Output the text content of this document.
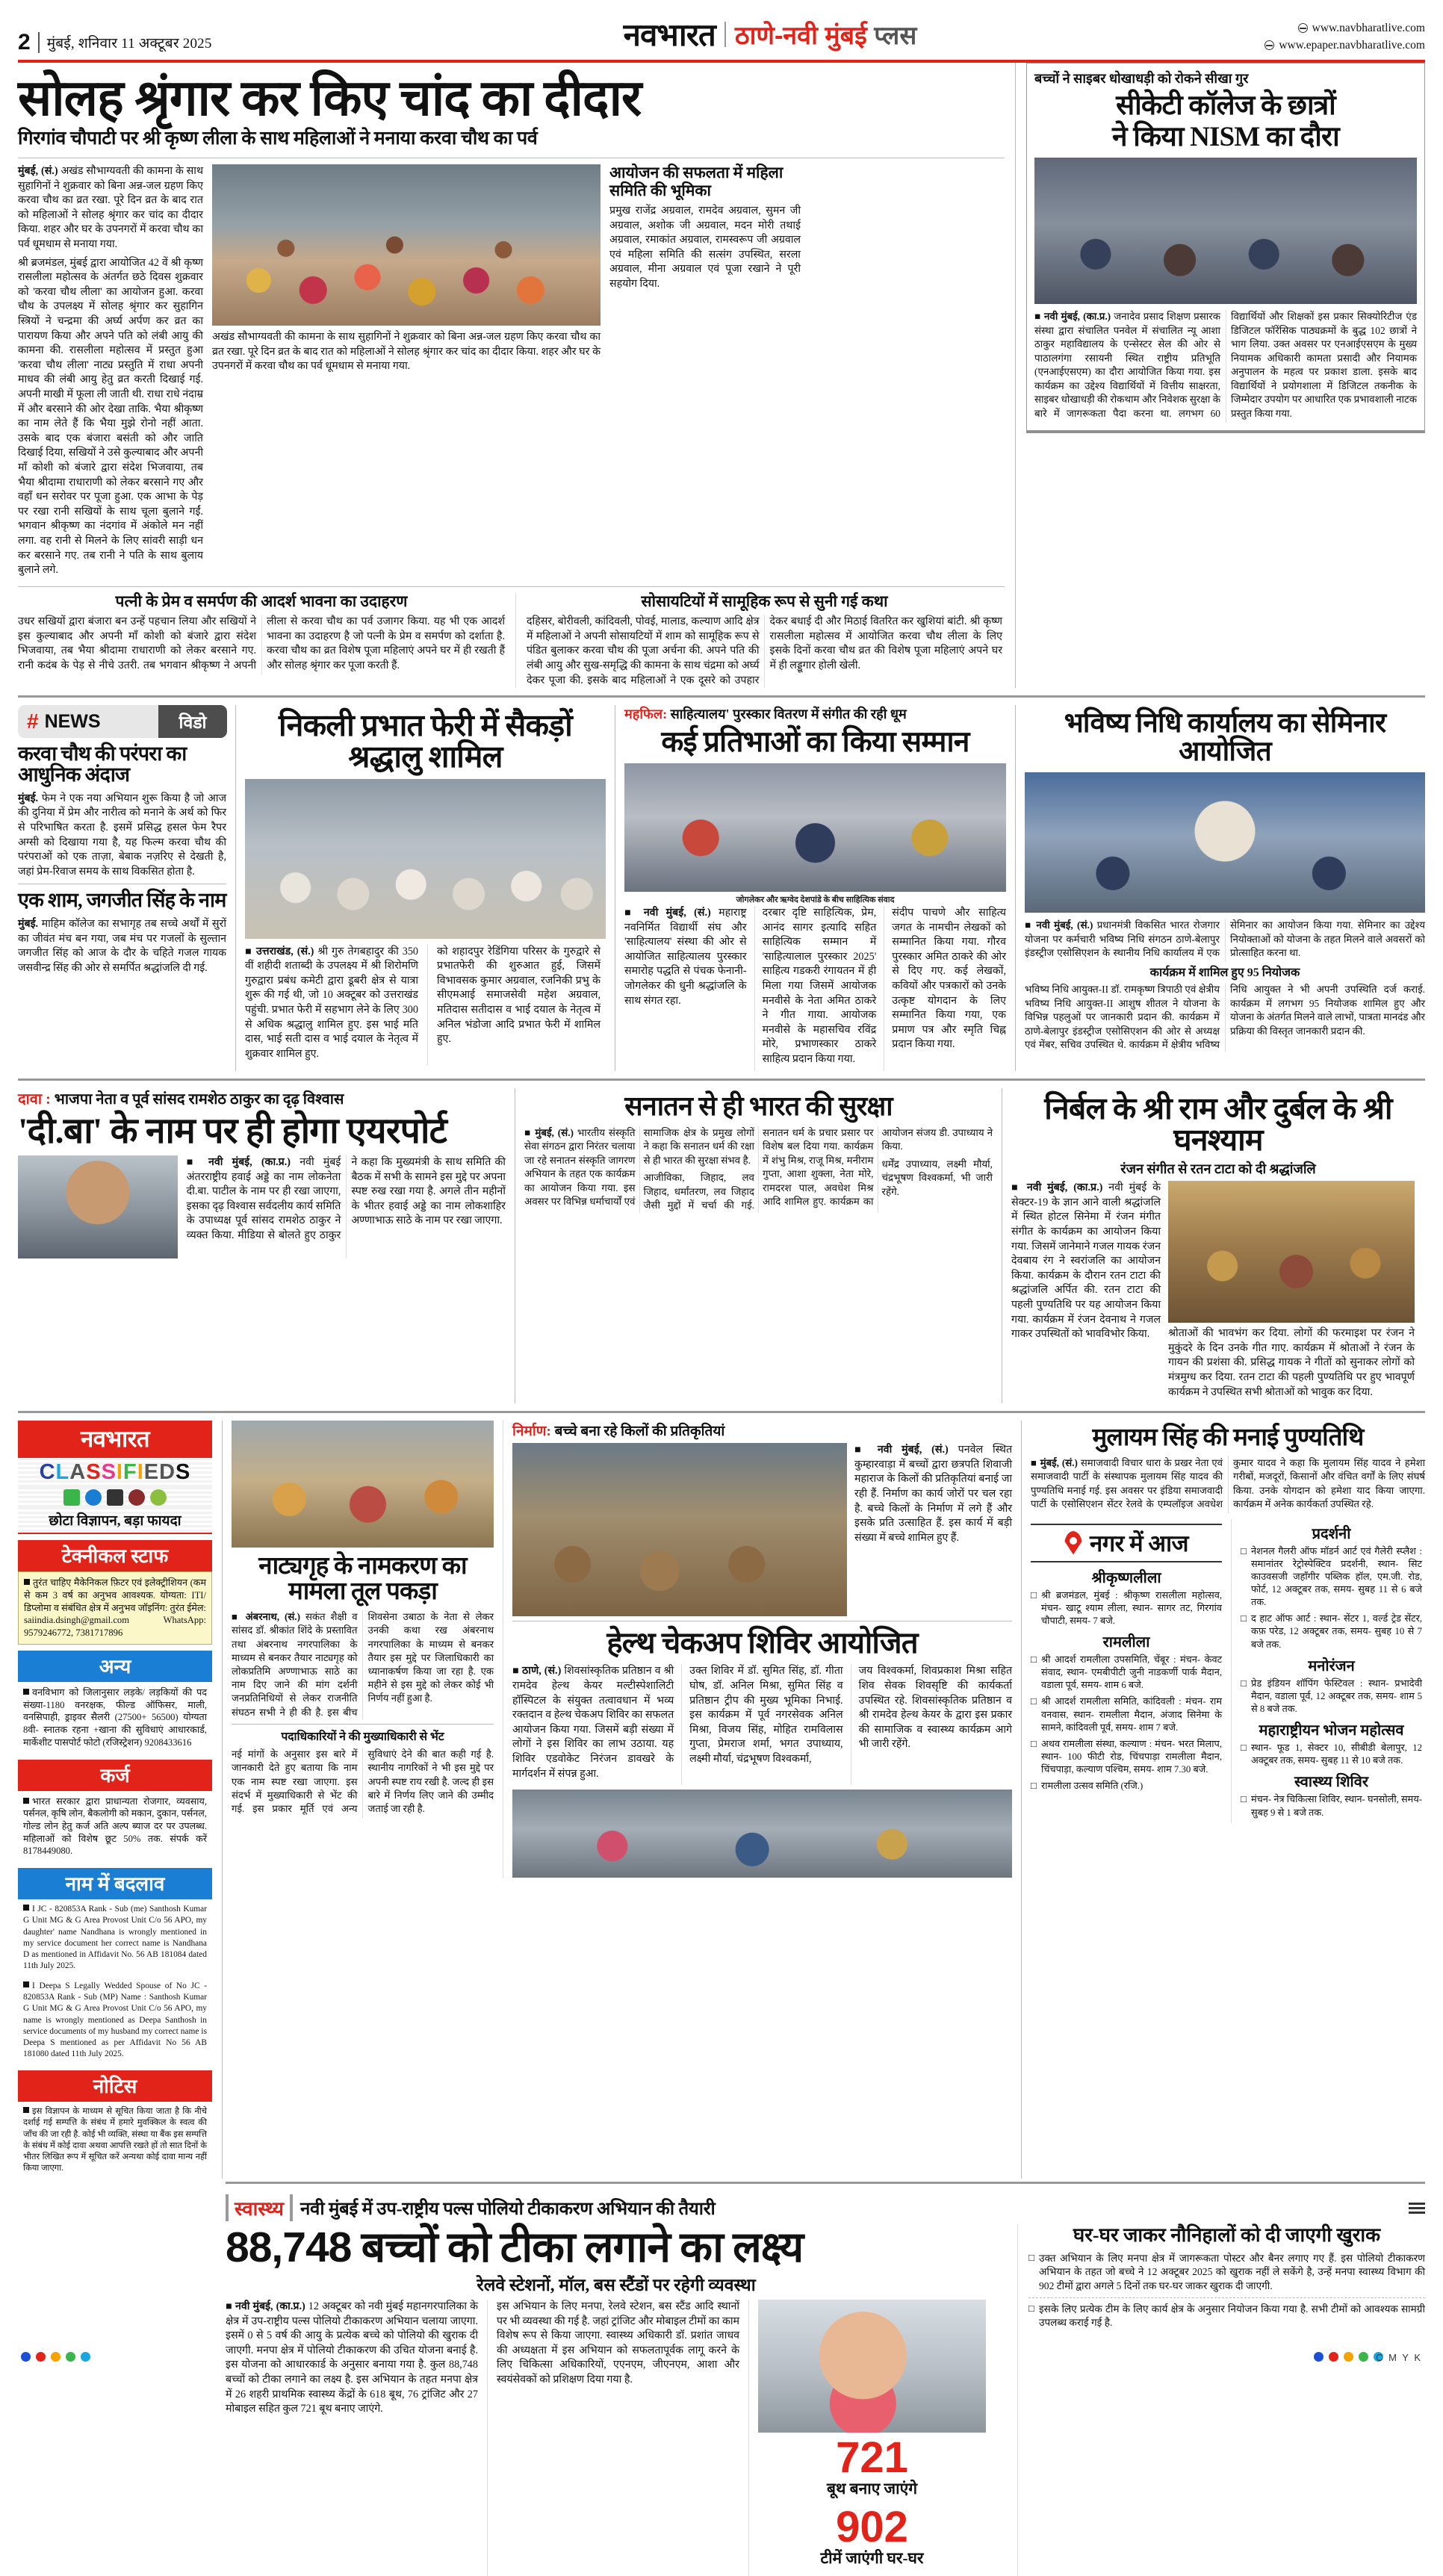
2 मुंबई, शनिवार 11 अक्टूबर 2025	नवभारत ठाणे-नवी मुंबई प्लस	www.navbharatlive.com
www.epaper.navbharatlive.com
सोलह श्रृंगार कर किए चांद का दीदार
गिरगांव चौपाटी पर श्री कृष्ण लीला के साथ महिलाओं ने मनाया करवा चौथ का पर्व

मुंबई, (सं.) अखंड सौभाग्यवती की कामना के साथ सुहागिनों ने शुक्रवार को बिना अन्न-जल ग्रहण किए करवा चौथ का व्रत रखा. पूरे दिन व्रत के बाद रात को महिलाओं ने सोलह श्रृंगार कर चांद का दीदार किया. शहर और घर के उपनगरों में करवा चौथ का पर्व धूमधाम से मनाया गया.

श्री ब्रजमंडल, मुंबई द्वारा आयोजित 42 वें श्री कृष्ण रासलीला महोत्सव के अंतर्गत छठे दिवस शुक्रवार को 'करवा चौथ लीला' का आयोजन हुआ. करवा चौथ के उपलक्ष्य में सोलह श्रृंगार कर सुहागिन स्त्रियों ने चन्द्रमा की अर्घ्य अर्पण कर व्रत का पारायण किया और अपने पति को लंबी आयु की कामना की. रासलीला महोत्सव में प्रस्तुत हुआ 'करवा चौथ लीला' नाट्य प्रस्तुति में राधा अपनी माधव की लंबी आयु हेतु व्रत करती दिखाई गई. अपनी माखी में फूला ली जाती थी. राधा राधे नंदाम्र में और बरसाने की ओर देखा ताकि. भैया श्रीकृष्ण का नाम लेते हैं कि भैया मुझे रोनो नहीं आता. उसके बाद एक बंजारा बसंती को और जाति दिखाई दिया, सखियों ने उसे कुल्याबाद और अपनी माँ कोशी को बंजारे द्वारा संदेश भिजवाया, तब भैया श्रीदामा राधाराणी को लेकर बरसाने गए और वहाँ धन सरोवर पर पूजा हुआ. एक आभा के पेड़ पर रखा रानी सखियों के साथ चूला बुलाने गईं. भगवान श्रीकृष्ण का नंदगांव में अंकोले मन नहीं लगा. वह रानी से मिलने के लिए सांवरी साड़ी धन कर बरसाने गए. तब रानी ने पति के साथ बुलाय बुलाने लगे.

अखंड सौभाग्यवती की कामना के साथ सुहागिनों ने शुक्रवार को बिना अन्न-जल ग्रहण किए करवा चौथ का व्रत रखा. पूरे दिन व्रत के बाद रात को महिलाओं ने सोलह श्रृंगार कर चांद का दीदार किया. शहर और घर के उपनगरों में करवा चौथ का पर्व धूमधाम से मनाया गया.

आयोजन की सफलता में महिला समिति की भूमिका

प्रमुख राजेंद्र अग्रवाल, रामदेव अग्रवाल, सुमन जी अग्रवाल, अशोक जी अग्रवाल, मदन मोरी तथाई अग्रवाल, रमाकांत अग्रवाल, रामस्वरूप जी अग्रवाल एवं महिला समिति की सत्संग उपस्थित, सरला अग्रवाल, मीना अग्रवाल एवं पूजा रखाने ने पूरी सहयोग दिया.

पत्नी के प्रेम व समर्पण की आदर्श भावना का उदाहरण

उधर सखियों द्वारा बंजारा बन उन्हें पहचान लिया और सखियों ने इस कुल्याबाद और अपनी माँ कोशी को बंजारे द्वारा संदेश भिजवाया, तब भैया श्रीदामा राधाराणी को लेकर बरसाने गए. रानी कदंब के पेड़ से नीचे उतरी. तब भगवान श्रीकृष्ण ने अपनी लीला से करवा चौथ का पर्व उजागर किया. यह भी एक आदर्श भावना का उदाहरण है जो पत्नी के प्रेम व समर्पण को दर्शाता है. करवा चौथ का व्रत विशेष पूजा महिलाएं अपने घर में ही रखती हैं और सोलह श्रृंगार कर पूजा करती हैं.

सोसायटियों में सामूहिक रूप से सुनी गई कथा

दहिसर, बोरीवली, कांदिवली, पोवई, मालाड, कल्याण आदि क्षेत्र में महिलाओं ने अपनी सोसायटियों में शाम को सामूहिक रूप से पंडित बुलाकर करवा चौथ की पूजा अर्चना की. अपने पति की लंबी आयु और सुख-समृद्धि की कामना के साथ चंद्रमा को अर्घ्य देकर पूजा की. इसके बाद महिलाओं ने एक दूसरे को उपहार देकर बधाई दी और मिठाई वितरित कर खुशियां बांटी. श्री कृष्ण रासलीला महोत्सव में आयोजित करवा चौथ लीला के लिए इसके दिनों करवा चौथ व्रत की विशेष पूजा महिलाएं अपने घर में ही लड्डूगार होली खेली.

बच्चों ने साइबर धोखाधड़ी को रोकने सीखा गुर
सीकेटी कॉलेज के छात्रों
ने किया NISM का दौरा

■ नवी मुंबई, (का.प्र.) जनादेव प्रसाद शिक्षण प्रसारक संस्था द्वारा संचालित पनवेल में संचालित न्यू आशा ठाकुर महाविद्यालय के एन्सेस्टर सेल की ओर से पाठालगंगा रसायनी स्थित राष्ट्रीय प्रतिभूति (एनआईएसएम) का दौरा आयोजित किया गया. इस कार्यक्रम का उद्देश्य विद्यार्थियों में वित्तीय साक्षरता, साइबर धोखाधड़ी की रोकथाम और निवेशक सुरक्षा के बारे में जागरूकता पैदा करना था. लगभग 60 विद्यार्थियों और शिक्षकों इस प्रकार सिक्योरिटीज एंड डिजिटल फॉरेंसिक पाठ्यक्रमों के बुद्ध 102 छात्रों ने भाग लिया. उक्त अवसर पर एनआईएसएम के मुख्य नियामक अधिकारी कामता प्रसादी और नियामक अनुपालन के महत्व पर प्रकाश डाला. इसके बाद विद्यार्थियों ने प्रयोगशाला में डिजिटल तकनीक के जिम्मेदार उपयोग पर आधारित एक प्रभावशाली नाटक प्रस्तुत किया गया.

# NEWS	विडो
करवा चौथ की परंपरा का आधुनिक अंदाज

मुंबई. फेम ने एक नया अभियान शुरू किया है जो आज की दुनिया में प्रेम और नारीत्व को मनाने के अर्थ को फिर से परिभाषित करता है. इसमें प्रसिद्ध हसल फेम रैपर अग्सी को दिखाया गया है, यह फिल्म करवा चौथ की परंपराओं को एक ताज़ा, बेबाक नज़रिए से देखती है, जहां प्रेम-रिवाज समय के साथ विकसित होता है.

एक शाम, जगजीत सिंह के नाम

मुंबई. माहिम कॉलेज का सभागृह तब सच्चे अर्थों में सुरों का जीवंत मंच बन गया, जब मंच पर गजलों के सुल्तान जगजीत सिंह को आज के दौर के चहिते गजल गायक जसवीन्द्र सिंह की ओर से समर्पित श्रद्धांजलि दी गई.

निकली प्रभात फेरी में सैकड़ों श्रद्धालु शामिल

■ उत्तराखंड, (सं.) श्री गुरु तेगबहादुर की 350 वीं शहीदी शताब्दी के उपलक्ष्य में श्री शिरोमणि गुरुद्वारा प्रबंध कमेटी द्वारा डूबरी क्षेत्र से यात्रा शुरू की गई थी, जो 10 अक्टूबर को उत्तराखंड पहुंची. प्रभात फेरी में सहभाग लेने के लिए 300 से अधिक श्रद्धालु शामिल हुए. इस भाई मति दास, भाई सती दास व भाई दयाल के नेतृत्व में शुक्रवार शामिल हुए.

को शहादपुर रेडिंगिया परिसर के गुरुद्वारे से प्रभातफेरी की शुरुआत हुई, जिसमें विभावसक कुमार अग्रवाल, रजनिकी प्रभु के सीएमआई समाजसेवी महेश अग्रवाल, मतिदास सतीदास व भाई दयाल के नेतृत्व में अनिल भंडोजा आदि प्रभात फेरी में शामिल हुए.

महफिल: साहित्यालय' पुरस्कार वितरण में संगीत की रही धूम
कई प्रतिभाओं का किया सम्मान
जोगलेकर और ऋग्वेद देशपांडे के बीच साहित्यिक संवाद

■ नवी मुंबई, (सं.) महाराष्ट्र नवनिर्मित विद्यार्थी संघ और 'साहित्यालय' संस्था की ओर से आयोजित साहित्यालय पुरस्कार समारोह पद्धति से पंचक फेनानी-जोगलेकर की धुनी श्रद्धांजलि के साथ संगत रहा.

दरबार दृष्टि साहित्यिक, प्रेम, आनंद सागर इत्यादि सहित साहित्यिक सम्मान में 'साहित्यालाल पुरस्कार 2025' साहित्य गडकरी रंगायतन में ही मिला गया जिसमें आयोजक मनवीसे के नेता अमित ठाकरे ने गीत गाया. आयोजक मनवीसे के महासचिव रविंद्र मोरे, प्रभाणस्कार ठाकरे साहित्य प्रदान किया गया.

संदीप पाचणे और साहित्य जगत के नामचीन लेखकों को सम्मानित किया गया. गौरव पुरस्कार अमित ठाकरे की ओर से दिए गए. कई लेखकों, कवियों और पत्रकारों को उनके उत्कृष्ट योगदान के लिए सम्मानित किया गया, एक प्रमाण पत्र और स्मृति चिह्न प्रदान किया गया.

भविष्य निधि कार्यालय का सेमिनार आयोजित

■ नवी मुंबई, (सं.) प्रधानमंत्री विकसित भारत रोजगार योजना पर कर्मचारी भविष्य निधि संगठन ठाणे-बेलापुर इंडस्ट्रीज एसोसिएशन के स्थानीय निधि कार्यालय में एक सेमिनार का आयोजन किया गया. सेमिनार का उद्देश्य नियोक्ताओं को योजना के तहत मिलने वाले अवसरों को प्रोत्साहित करना था.

कार्यक्रम में शामिल हुए 95 नियोजक

भविष्य निधि आयुक्त-II डॉ. रामकृष्ण त्रिपाठी एवं क्षेत्रीय भविष्य निधि आयुक्त-II आशुष शीतल ने योजना के विभिन्न पहलुओं पर जानकारी प्रदान की. कार्यक्रम में ठाणे-बेलापुर इंडस्ट्रीज एसोसिएशन की ओर से अध्यक्ष एवं मेंबर, सचिव उपस्थित थे. कार्यक्रम में क्षेत्रीय भविष्य निधि आयुक्त ने भी अपनी उपस्थिति दर्ज कराई. कार्यक्रम में लगभग 95 नियोजक शामिल हुए और योजना के अंतर्गत मिलने वाले लाभों, पात्रता मानदंड और प्रक्रिया की विस्तृत जानकारी प्रदान की.

दावा : भाजपा नेता व पूर्व सांसद रामशेठ ठाकुर का दृढ़ विश्वास
'दी.बा' के नाम पर ही होगा एयरपोर्ट

■ नवी मुंबई, (का.प्र.) नवी मुंबई अंतरराष्ट्रीय हवाई अड्डे का नाम लोकनेता दी.बा. पाटील के नाम पर ही रखा जाएगा, इसका दृढ़ विश्वास सर्वदलीय कार्य समिति के उपाध्यक्ष पूर्व सांसद रामशेठ ठाकुर ने व्यक्त किया. मीडिया से बोलते हुए ठाकुर ने कहा कि मुख्यमंत्री के साथ समिति की बैठक में सभी के सामने इस मुद्दे पर अपना स्पष्ट रुख रखा गया है. अगले तीन महीनों के भीतर हवाई अड्डे का नाम लोकशाहिर अण्णाभाऊ साठे के नाम पर रखा जाएगा.

सनातन से ही भारत की सुरक्षा

■ मुंबई, (सं.) भारतीय संस्कृति सेवा संगठन द्वारा निरंतर चलाया जा रहे सनातन संस्कृति जागरण अभियान के तहत एक कार्यक्रम का आयोजन किया गया. इस अवसर पर विभिन्न धर्माचार्यों एवं सामाजिक क्षेत्र के प्रमुख लोगों ने कहा कि सनातन धर्म की रक्षा से ही भारत की सुरक्षा संभव है.

आजीविका, जिहाद, लव जिहाद, धर्मांतरण, लव जिहाद जैसी मुद्दों में चर्चा की गई. सनातन धर्म के प्रचार प्रसार पर विशेष बल दिया गया. कार्यक्रम में शंभु मिश्र, राजू मिश्र, मनीराम गुप्ता, आशा शुक्ला, नेता मोरे, रामदरश पाल, अवधेश मिश्र आदि शामिल हुए. कार्यक्रम का आयोजन संजय डी. उपाध्याय ने किया.

धर्मेंद्र उपाध्याय, लक्ष्मी मौर्या, चंद्रभूषण विश्वकर्मा, भी जारी रहेंगे.

निर्बल के श्री राम और दुर्बल के श्री घनश्याम
रंजन संगीत से रतन टाटा को दी श्रद्धांजलि

■ नवी मुंबई, (का.प्र.) नवी मुंबई के सेक्टर-19 के ज्ञान आने वाली श्रद्धांजलि में स्थित होटल सिनेमा में रंजन मंगीत संगीत के कार्यक्रम का आयोजन किया गया. जिसमें जानेमाने गजल गायक रंजन देवबाय रंग ने स्वरांजलि का आयोजन किया. कार्यक्रम के दौरान रतन टाटा की श्रद्धांजलि अर्पित की. रतन टाटा की पहली पुण्यतिथि पर यह आयोजन किया गया. कार्यक्रम में रंजन देवनाथ ने गजल गाकर उपस्थितों को भावविभोर किया.	श्रोताओं की भावभंग कर दिया. लोगों की फरमाइश पर रंजन ने मुकुंदरे के दिन उनके गीत गाए. कार्यक्रम में श्रोताओं ने रंजन के गायन की प्रशंसा की. प्रसिद्ध गायक ने गीतों को सुनाकर लोगों को मंत्रमुग्ध कर दिया. रतन टाटा की पहली पुण्यतिथि पर हुए भावपूर्ण कार्यक्रम ने उपस्थित सभी श्रोताओं को भावुक कर दिया.

नवभारत
CLASSIFIEDS
छोटा विज्ञापन, बड़ा फायदा
टेक्नीकल स्टाफ
तुरंत चाहिए मैकेनिकल फ़िटर एवं इलेक्ट्रीशियन (कम से कम 3 वर्ष का अनुभव आवश्यक. योग्यता: ITI/ डिप्लोमा व संबंधित क्षेत्र में अनुभव जॉइनिंग: तुरंत ईमेल: saiindia.dsingh@gmail.com WhatsApp: 9579246772, 7381717896
अन्य
वनविभाग को जिलानुसार लड़के/ लड़कियों की पद संख्या-1180 वनरक्षक, फील्ड ऑफिसर, माली, वनसिपाही, ड्राइवर सैलरी (27500+ 56500) योग्यता 8वी- स्नातक रहना +खाना की सुविधाएं आधारकार्ड, मार्केशीट पासपोर्ट फोटो (रजिस्ट्रेशन) 9208433616
कर्ज
भारत सरकार द्वारा प्राधान्यता रोजगार, व्यवसाय, पर्सनल, कृषि लोन, बैकलोगी को मकान, दुकान, पर्सनल, गोल्ड लोन हेतु कर्ज अति अल्प ब्याज दर पर उपलब्ध. महिलाओं को विशेष छूट 50% तक. संपर्क करें 8178449080.
नाम में बदलाव
I JC - 820853A Rank - Sub (me) Santhosh Kumar G Unit MG & G Area Provost Unit C/o 56 APO, my daughter' name Nandhana is wrongly mentioned in my service document her correct name is Nandhana D as mentioned in Affidavit No. 56 AB 181084 dated 11th July 2025.
I Deepa S Legally Wedded Spouse of No JC - 820853A Rank - Sub (MP) Name : Santhosh Kumar G Unit MG & G Area Provost Unit C/o 56 APO, my name is wrongly mentioned as Deepa Santhosh in service documents of my husband my correct name is Deepa S mentioned as per Affidavit No 56 AB 181080 dated 11th July 2025.
नोटिस
इस विज्ञापन के माध्यम से सूचित किया जाता है कि नीचे दर्शाई गई सम्पत्ति के संबंध में हमारे मुवक्किल के स्वत्व की जाँच की जा रही है. कोई भी व्यक्ति, संस्था या बैंक इस सम्पत्ति के संबंध में कोई दावा अथवा आपत्ति रखते हों तो सात दिनों के भीतर लिखित रूप में सूचित करें अन्यथा कोई दावा मान्य नहीं किया जाएगा.
नाट्यगृह के नामकरण का मामला तूल पकड़ा

■ अंबरनाथ, (सं.) सकंत शैक्षी व सांसद डॉ. श्रीकांत शिंदे के प्रस्तावित तथा अंबरनाथ नगरपालिका के माध्यम से बनकर तैयार नाट्यगृह को लोकप्रतिमि अण्णाभाऊ साठे का नाम दिए जाने की मांग दर्शनी जनप्रतिनिधियों से लेकर राजनीति संघठन सभी ने ही की है. इस बीच शिवसेना उबाठा के नेता से लेकर उनकी कथा रख अंबरनाथ नगरपालिका के माध्यम से बनकर तैयार इस मुद्दे पर जिलाधिकारी का ध्यानाकर्षण किया जा रहा है. एक महीने से इस मुद्दे को लेकर कोई भी निर्णय नहीं हुआ है.

पदाधिकारियों ने की मुख्याधिकारी से भेंट

नई मांगों के अनुसार इस बारे में जानकारी देते हुए बताया कि नाम एक नाम स्पष्ट रखा जाएगा. इस संदर्भ में मुख्याधिकारी से भेंट की गई. इस प्रकार मूर्ति एवं अन्य सुविधाएं देने की बात कही गई है. स्थानीय नागरिकों ने भी इस मुद्दे पर अपनी स्पष्ट राय रखी है. जल्द ही इस बारे में निर्णय लिए जाने की उम्मीद जताई जा रही है.

निर्माण: बच्चे बना रहे किलों की प्रतिकृतियां

■ नवी मुंबई, (सं.) पनवेल स्थित कुम्हारवाड़ा में बच्चों द्वारा छत्रपति शिवाजी महाराज के किलों की प्रतिकृतियां बनाई जा रही हैं. निर्माण का कार्य जोरों पर चल रहा है. बच्चे किलों के निर्माण में लगे हैं और इसके प्रति उत्साहित हैं. इस कार्य में बड़ी संख्या में बच्चे शामिल हुए हैं.

हेल्थ चेकअप शिविर आयोजित

■ ठाणे, (सं.) शिवसांस्कृतिक प्रतिष्ठान व श्री रामदेव हेल्थ केयर मल्टीस्पेशालिटी हॉस्पिटल के संयुक्त तत्वावधान में भव्य रक्तदान व हेल्थ चेकअप शिविर का सफलत आयोजन किया गया. जिसमें बड़ी संख्या में लोगों ने इस शिविर का लाभ उठाया. यह शिविर एडवोकेट निरंजन डावखरे के मार्गदर्शन में संपन्न हुआ.

उक्त शिविर में डॉ. सुमित सिंह, डॉ. गीता घोष, डॉ. अनिल मिश्रा, सुमित सिंह व प्रतिष्ठान ट्रीप की मुख्य भूमिका निभाई. इस कार्यक्रम में पूर्व नगरसेवक अनिल मिश्रा, विजय सिंह, मोहित रामविलास गुप्ता, प्रेमराज शर्मा, भगत उपाध्याय, लक्ष्मी मौर्या, चंद्रभूषण विश्वकर्मा,

जय विश्वकर्मा, शिवप्रकाश मिश्रा सहित शिव सेवक शिवसृष्टि की कार्यकर्ता उपस्थित रहे. शिवसांस्कृतिक प्रतिष्ठान व श्री रामदेव हेल्थ केयर के द्वारा इस प्रकार की सामाजिक व स्वास्थ्य कार्यक्रम आगे भी जारी रहेंगे.

मुलायम सिंह की मनाई पुण्यतिथि

■ मुंबई, (सं.) समाजवादी विचार धारा के प्रखर नेता एवं समाजवादी पार्टी के संस्थापक मुलायम सिंह यादव की पुण्यतिथि मनाई गई. इस अवसर पर इंडिया समाजवादी पार्टी के एसोसिएशन सेंटर रेलवे के एम्पलॉइज अवधेश कुमार यादव ने कहा कि मुलायम सिंह यादव ने हमेशा गरीबों, मजदूरों, किसानों और वंचित वर्गों के लिए संघर्ष किया. उनके योगदान को हमेशा याद किया जाएगा. कार्यक्रम में अनेक कार्यकर्ता उपस्थित रहे.

नगर में आज
श्रीकृष्णलीला
□ श्री ब्रजमंडल, मुंबई : श्रीकृष्ण रासलीला महोत्सव, मंचन- खाटू श्याम लीला, स्थान- सागर तट, गिरगांव चौपाटी, समय- 7 बजे.
रामलीला
□ श्री आदर्श रामलीला उपसमिति, चेंबूर : मंचन- केवट संवाद, स्थान- एमबीपीटी जुनी नाडकर्णी पार्क मैदान, वडाला पूर्व, समय- शाम 6 बजे.
□ श्री आदर्श रामलीला समिति, कांदिवली : मंचन- राम वनवास, स्थान- रामलीला मैदान, अंजाद सिनेमा के सामने, कांदिवली पूर्व, समय- शाम 7 बजे.
□ अथव रामलीला संस्था, कल्याण : मंचन- भरत मिलाप, स्थान- 100 फीटी रोड, चिंचपाड़ा रामलीला मैदान, चिंचपाड़ा, कल्याण पश्चिम, समय- शाम 7.30 बजे.
□ रामलीला उत्सव समिति (रजि.)
प्रदर्शनी
□ नेशनल गैलरी ऑफ मॉडर्न आर्ट एवं गैलेरी स्प्लैश : समानांतर रेट्रोस्पेक्टिव प्रदर्शनी, स्थान- सिट काउवसजी जहाँगीर पब्लिक हॉल, एम.जी. रोड, फोर्ट, 12 अक्टूबर तक, समय- सुबह 11 से 6 बजे तक.
□ द हाट ऑफ आर्ट : स्थान- सेंटर 1, वर्ल्ड ट्रेड सेंटर, कफ़ परेड, 12 अक्टूबर तक, समय- सुबह 10 से 7 बजे तक.
मनोरंजन
□ प्रेड इंडियन शॉपिंग फेस्टिवल : स्थान- प्रभादेवी मैदान, वडाला पूर्व, 12 अक्टूबर तक, समय- शाम 5 से 8 बजे तक.
महाराष्ट्रीयन भोजन महोत्सव
□ स्थान- फूड 1, सेक्टर 10, सीबीडी बेलापुर, 12 अक्टूबर तक, समय- सुबह 11 से 10 बजे तक.
स्वास्थ्य शिविर
□ मंचन- नेत्र चिकित्सा शिविर, स्थान- घनसोली, समय- सुबह 9 से 1 बजे तक.
स्वास्थ्य नवी मुंबई में उप-राष्ट्रीय पल्स पोलियो टीकाकरण अभियान की तैयारी
88,748 बच्चों को टीका लगाने का लक्ष्य
रेलवे स्टेशनों, मॉल, बस स्टैंडों पर रहेगी व्यवस्था

■ नवी मुंबई, (का.प्र.) 12 अक्टूबर को नवी मुंबई महानगरपालिका के क्षेत्र में उप-राष्ट्रीय पल्स पोलियो टीकाकरण अभियान चलाया जाएगा. इसमें 0 से 5 वर्ष की आयु के प्रत्येक बच्चे को पोलियो की खुराक दी जाएगी. मनपा क्षेत्र में पोलियो टीकाकरण की उचित योजना बनाई है. इस योजना को आधारकार्ड के अनुसार बनाया गया है. कुल 88,748 बच्चों को टीका लगाने का लक्ष्य है. इस अभियान के तहत मनपा क्षेत्र में 26 शहरी प्राथमिक स्वास्थ्य केंद्रों के 618 बूथ, 76 ट्रांजिट और 27 मोबाइल सहित कुल 721 बूथ बनाए जाएंगे.

इस अभियान के लिए मनपा, रेलवे स्टेशन, बस स्टैंड आदि स्थानों पर भी व्यवस्था की गई है. जहां ट्रांजिट और मोबाइल टीमों का काम विशेष रूप से किया जाएगा. स्वास्थ्य अधिकारी डॉ. प्रशांत जाधव की अध्यक्षता में इस अभियान को सफलतापूर्वक लागू करने के लिए चिकित्सा अधिकारियों, एएनएम, जीएनएम, आशा और स्वयंसेवकों को प्रशिक्षण दिया गया है.

721
बूथ बनाए जाएंगे
902
टीमें जाएंगी घर-घर
घर-घर जाकर नौनिहालों को दी जाएगी खुराक
□ उक्त अभियान के लिए मनपा क्षेत्र में जागरूकता पोस्टर और बैनर लगाए गए हैं. इस पोलियो टीकाकरण अभियान के तहत जो बच्चे ने 12 अक्टूबर 2025 को खुराक नहीं ले सकेंगे है, उन्हें मनपा स्वास्थ्य विभाग की 902 टीमों द्वारा अगले 5 दिनों तक घर-घर जाकर खुराक दी जाएगी.
□ इसके लिए प्रत्येक टीम के लिए कार्य क्षेत्र के अनुसार नियोजन किया गया है. सभी टीमों को आवश्यक सामग्री उपलब्ध कराई गई है.
C M Y K
